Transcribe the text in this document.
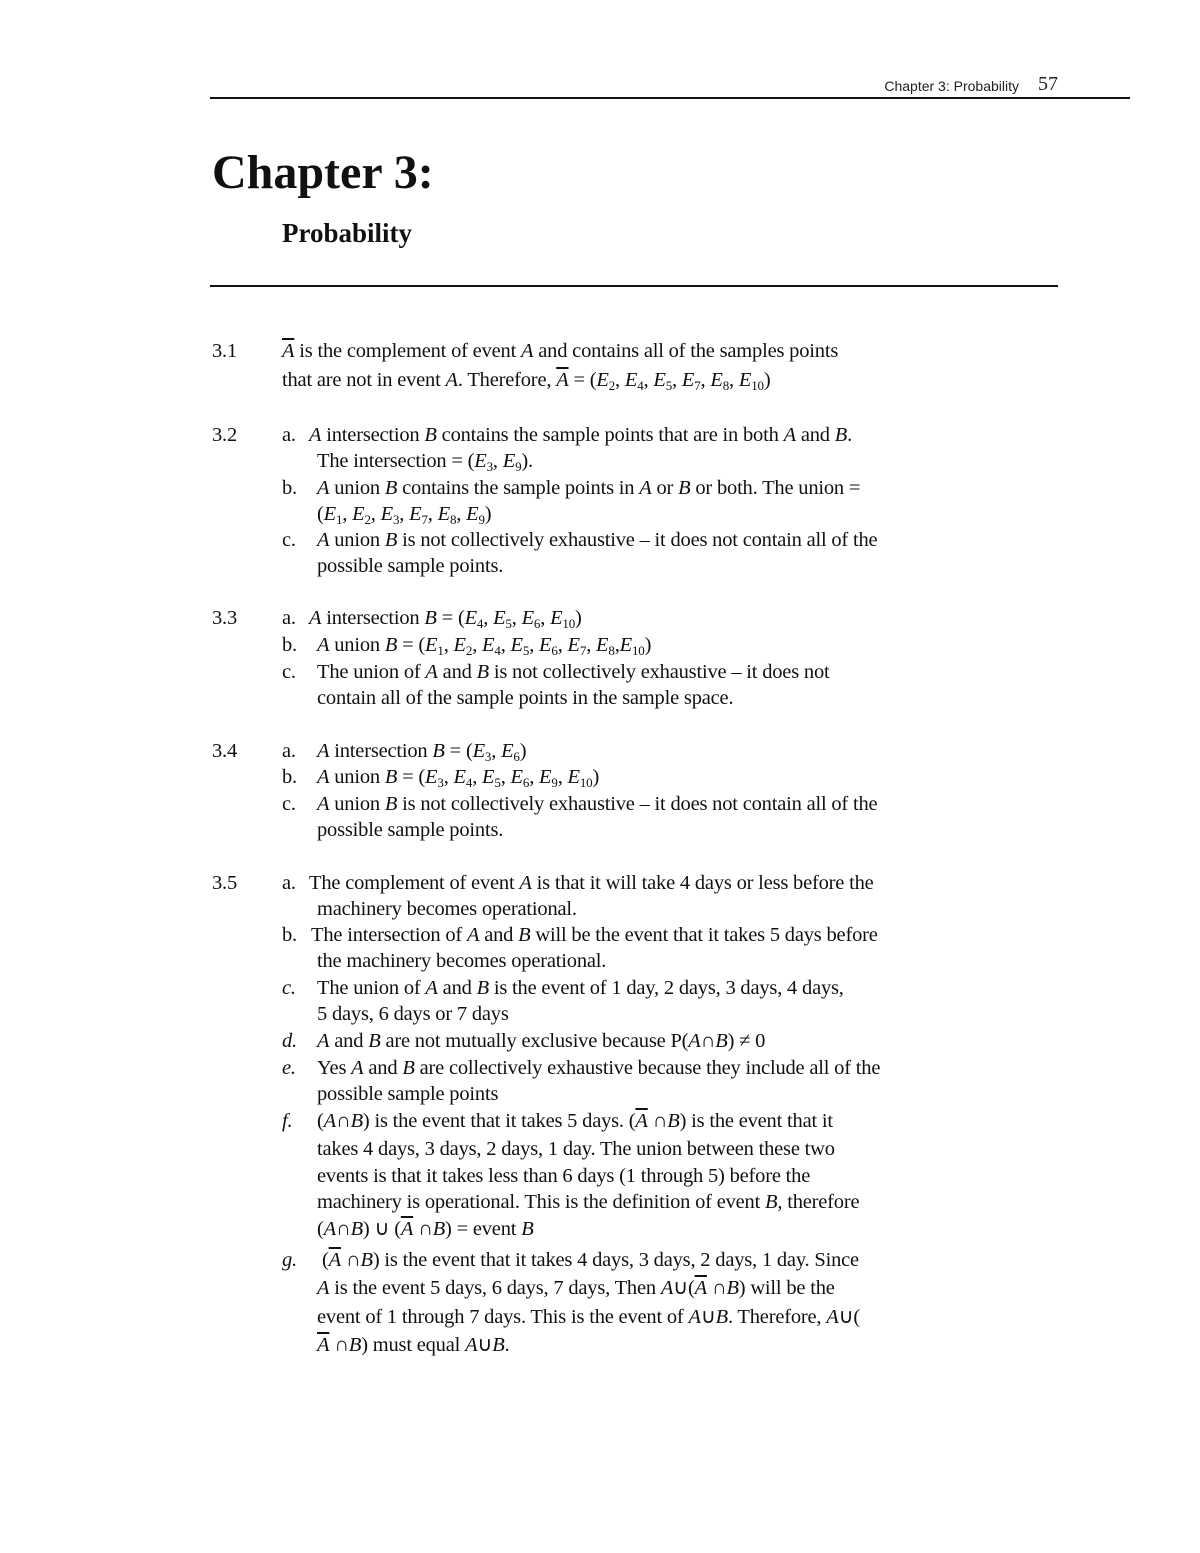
Chapter 3: Probability 57
Chapter 3:
Probability
3.1
3.2
3.3
3.4
3.5
a.
b.
c.
a.
b.
c.
a.
b.
c.
a.
b.
c.
d.
e.
f.
g.
$\overline{A}$ is the complement of event A and contains all of the samples points
that are not in event A. Therefore, $\overline{A} = (E_2$, $E_4$, $E_5$, $E_7$, $E_8$, $E_{10}$)
A intersection B contains the sample points that are in both A and B.
The intersection = ($E_3$, $E_9$).
A union B contains the sample points in A or B or both. The union =
($E_1$, $E_2$, $E_3$, $E_7$, $E_8$, $E_9$)
A union B is not collectively exhaustive – it does not contain all of the
possible sample points.
A intersection $B = (E_4$, $E_5$, $E_6$, $E_{10}$)
A union $B = (E_1$, $E_2$, $E_4$, $E_5$, $E_6$, $E_7$, $E_8,E_{10}$)
The union of A and B is not collectively exhaustive – it does not
contain all of the sample points in the sample space.
A intersection $B = (E_3$, $E_6$)
A union $B = (E_3$, $E_4$, $E_5$, $E_6$, $E_9$, $E_{10}$)
A union B is not collectively exhaustive – it does not contain all of the
possible sample points.
The complement of event A is that it will take 4 days or less before the
machinery becomes operational.
The intersection of A and B will be the event that it takes 5 days before
the machinery becomes operational.
The union of A and B is the event of 1 day, 2 days, 3 days, 4 days,
5 days, 6 days or 7 days
A and B are not mutually exclusive because P(A∩B) ≠ 0
Yes A and B are collectively exhaustive because they include all of the
possible sample points
(A∩B) is the event that it takes 5 days. ($\overline{A}$ ∩B) is the event that it
takes 4 days, 3 days, 2 days, 1 day. The union between these two
events is that it takes less than 6 days (1 through 5) before the
machinery is operational. This is the definition of event B, therefore
(A∩B) ∪ ($\overline{A}$ ∩B) = event B
($\overline{A}$ ∩B) is the event that it takes 4 days, 3 days, 2 days, 1 day. Since
A is the event 5 days, 6 days, 7 days, Then $A\cup(\overline{A}$ ∩B) will be the
event of 1 through 7 days. This is the event of A∪B. Therefore, A∪(
$\overline{A}$ ∩B) must equal A∪B.
